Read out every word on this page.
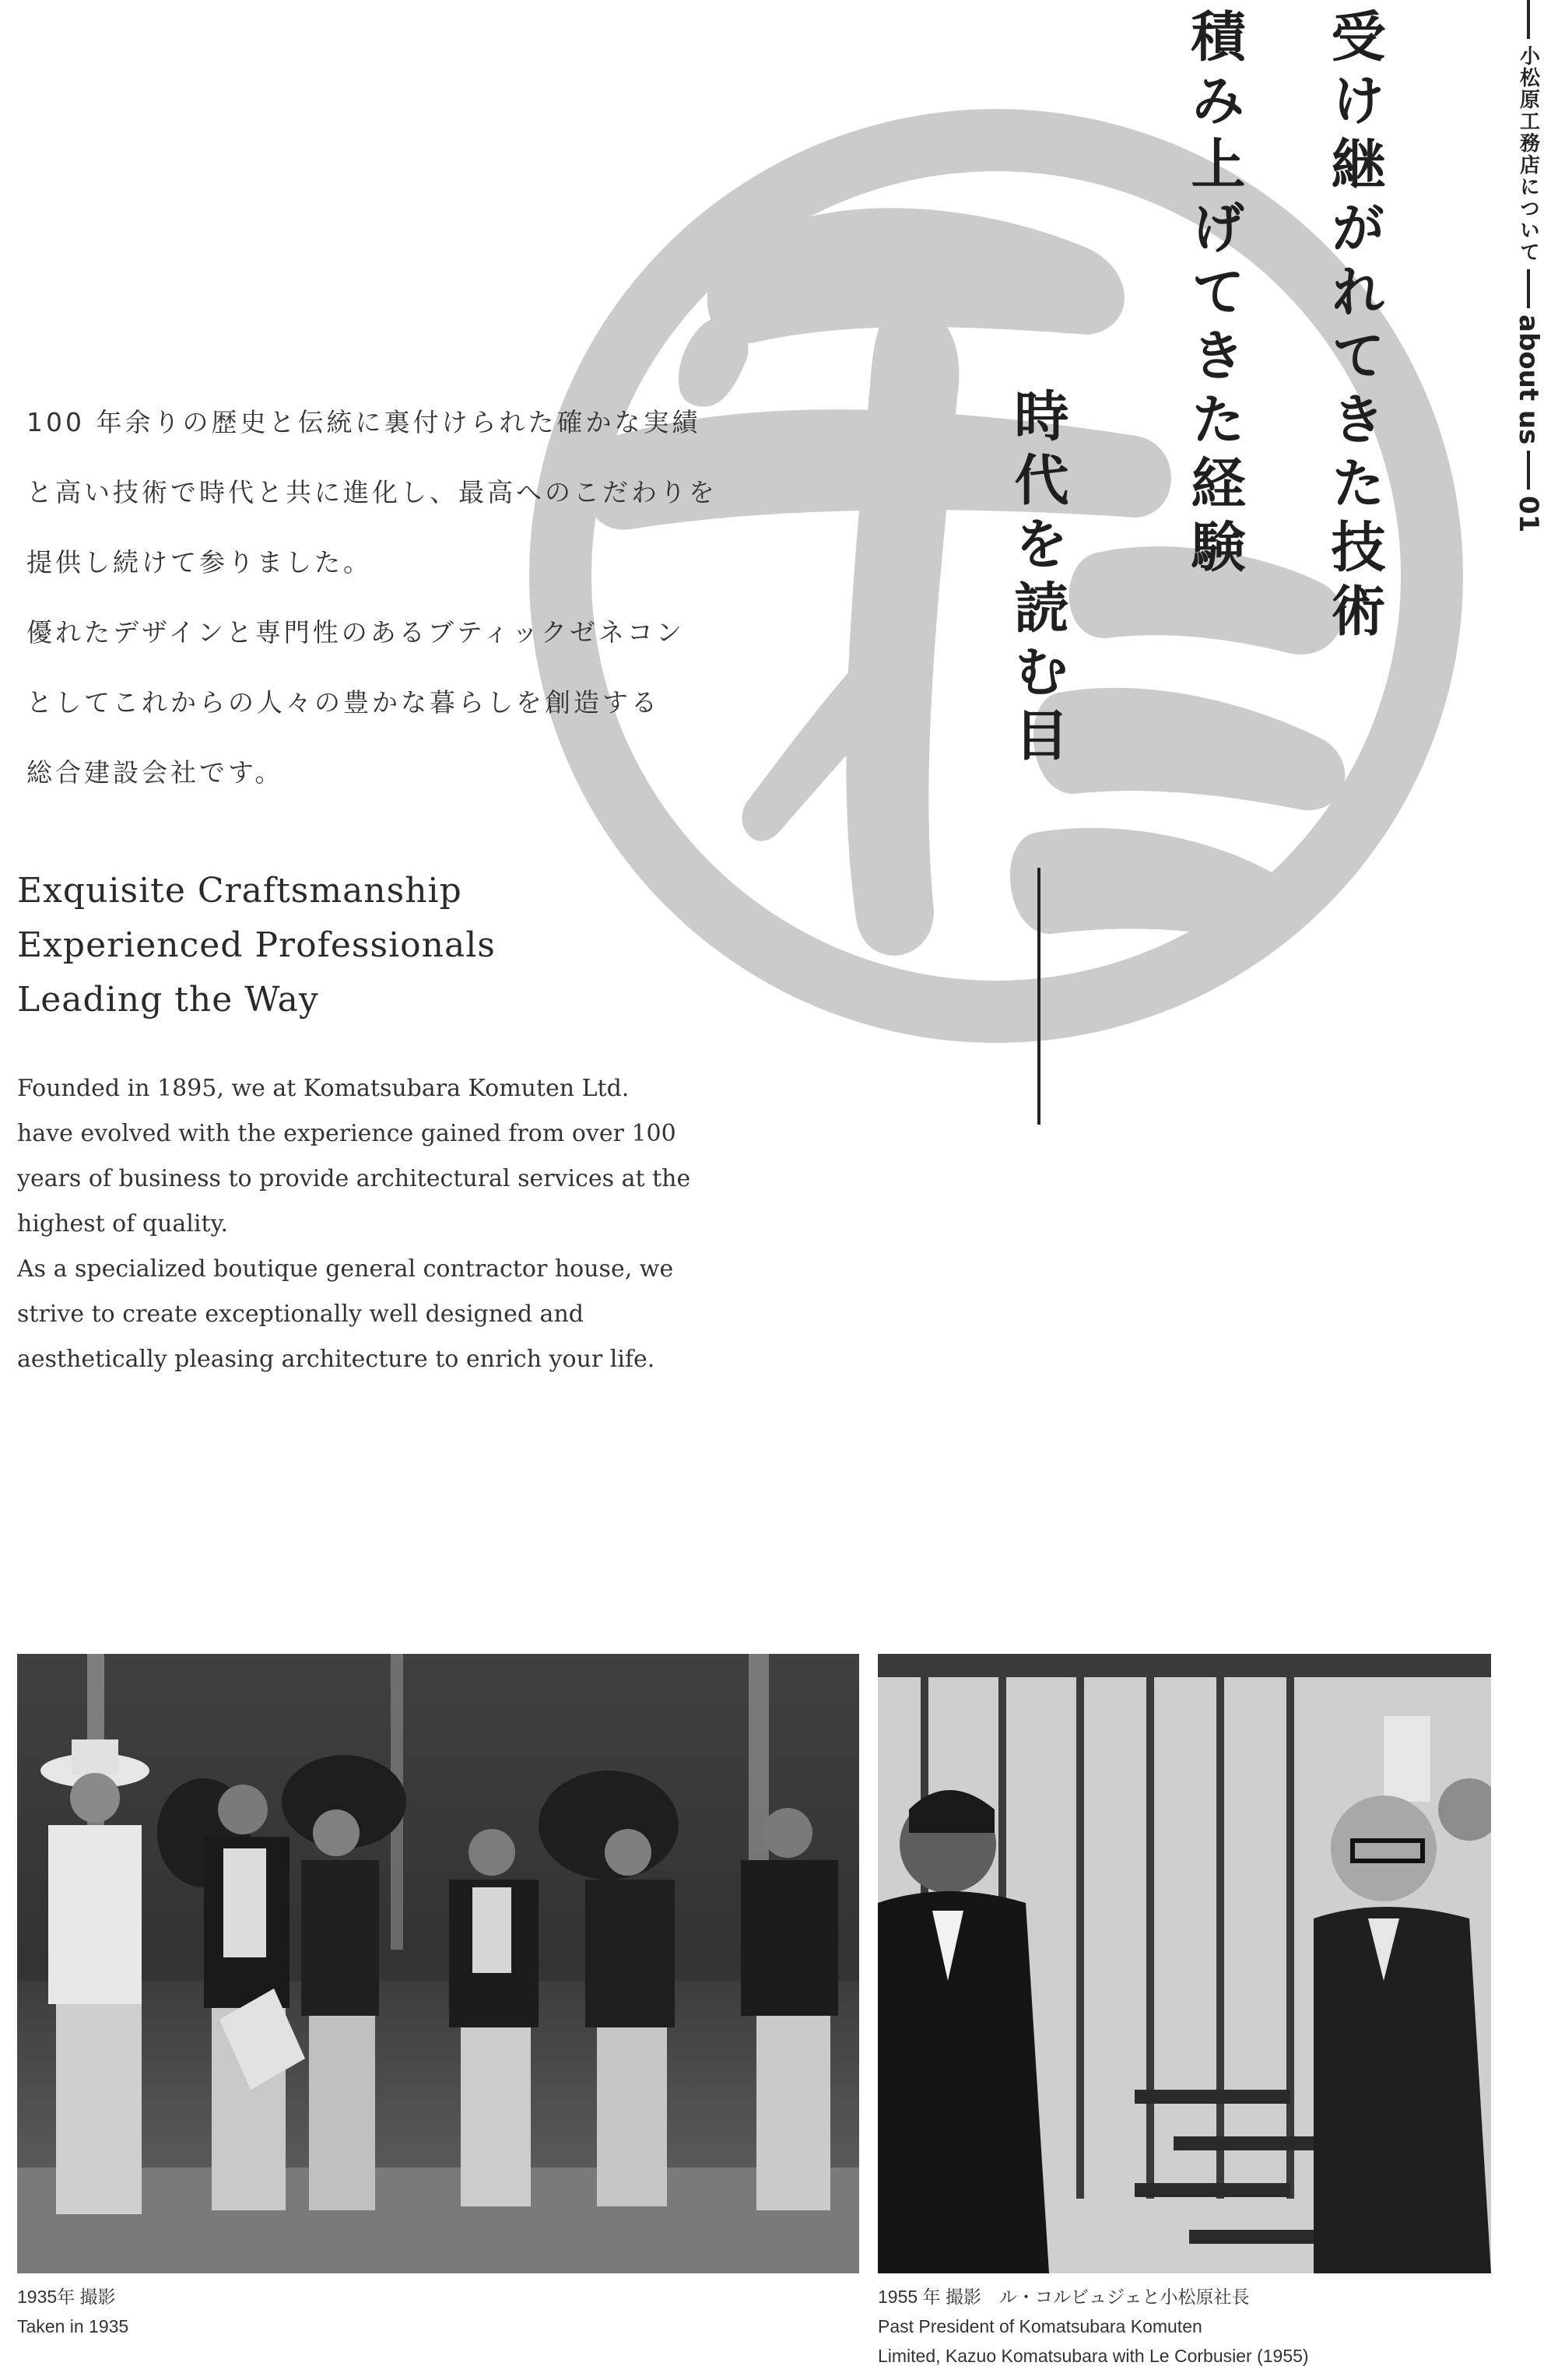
小松原工務店について
about us
01
受け継がれてきた技術
積み上げてきた経験
時代を読む目
100 年余りの歴史と伝統に裏付けられた確かな実績
と高い技術で時代と共に進化し、最高へのこだわりを
提供し続けて参りました。
優れたデザインと専門性のあるブティックゼネコン
としてこれからの人々の豊かな暮らしを創造する
総合建設会社です。
Exquisite Craftsmanship
Experienced Professionals
Leading the Way
Founded in 1895, we at Komatsubara Komuten Ltd.
have evolved with the experience gained from over 100
years of business to provide architectural services at the
highest of quality.
As a specialized boutique general contractor house, we
strive to create exceptionally well designed and
aesthetically pleasing architecture to enrich your life.
1935年 撮影
Taken in 1935
1955 年 撮影　ル・コルビュジェと小松原社長
Past President of Komatsubara Komuten
Limited, Kazuo Komatsubara with Le Corbusier (1955)
